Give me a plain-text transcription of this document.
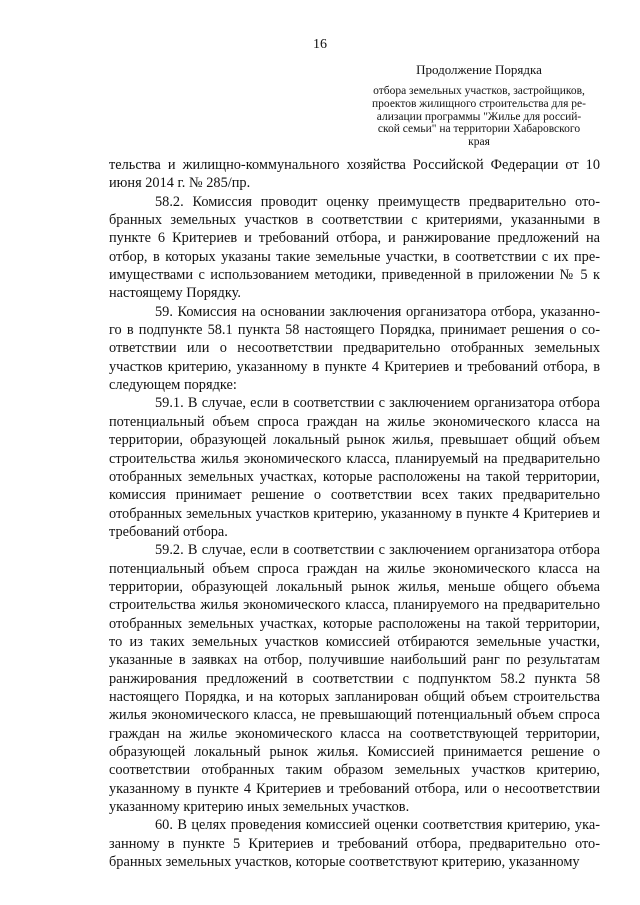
16
Продолжение Порядка
отбора земельных участков, застройщиков,
проектов жилищного строительства для ре-
ализации программы "Жилье для россий-
ской семьи" на территории Хабаровского
края

тельства и жилищно-коммунального хозяйства Российской Федерации от 10 июня 2014 г. № 285/пр.

58.2. Комиссия проводит оценку преимуществ предварительно отобранных земельных участков в соответствии с критериями, указанными в пункте 6 Критериев и требований отбора, и ранжирование предложений на отбор, в которых указаны такие земельные участки, в соответствии с их преимуществами с использованием методики, приведенной в приложении № 5 к настоящему Порядку.

59. Комиссия на основании заключения организатора отбора, указанного в подпункте 58.1 пункта 58 настоящего Порядка, принимает решения о соответствии или о несоответствии предварительно отобранных земельных участков критерию, указанному в пункте 4 Критериев и требований отбора, в следующем порядке:

59.1. В случае, если в соответствии с заключением организатора отбора потенциальный объем спроса граждан на жилье экономического класса на территории, образующей локальный рынок жилья, превышает общий объем строительства жилья экономического класса, планируемый на предварительно отобранных земельных участках, которые расположены на такой территории, комиссия принимает решение о соответствии всех таких предварительно отобранных земельных участков критерию, указанному в пункте 4 Критериев и требований отбора.

59.2. В случае, если в соответствии с заключением организатора отбора потенциальный объем спроса граждан на жилье экономического класса на территории, образующей локальный рынок жилья, меньше общего объема строительства жилья экономического класса, планируемого на предварительно отобранных земельных участках, которые расположены на такой территории, то из таких земельных участков комиссией отбираются земельные участки, указанные в заявках на отбор, получившие наибольший ранг по результатам ранжирования предложений в соответствии с подпунктом 58.2 пункта 58 настоящего Порядка, и на которых запланирован общий объем строительства жилья экономического класса, не превышающий потенциальный объем спроса граждан на жилье экономического класса на соответствующей территории, образующей локальный рынок жилья. Комиссией принимается решение о соответствии отобранных таким образом земельных участков критерию, указанному в пункте 4 Критериев и требований отбора, или о несоответствии указанному критерию иных земельных участков.

60. В целях проведения комиссией оценки соответствия критерию, указанному в пункте 5 Критериев и требований отбора, предварительно отобранных земельных участков, которые соответствуют критерию, указанному
